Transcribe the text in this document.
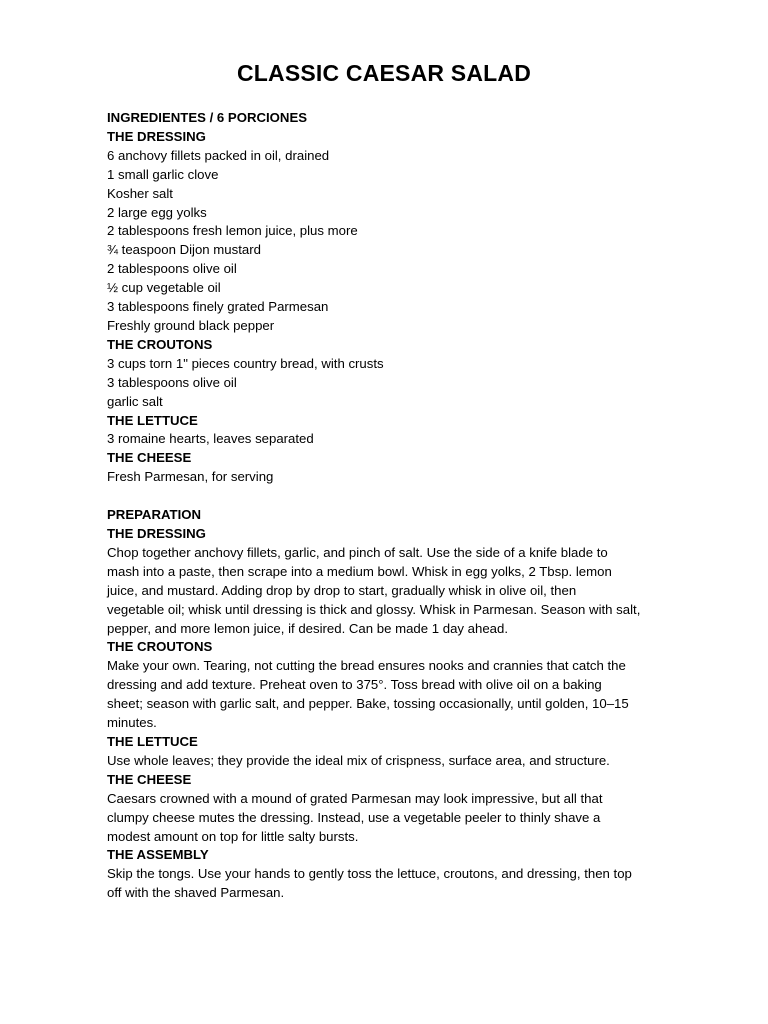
CLASSIC CAESAR SALAD
INGREDIENTES / 6 PORCIONES
THE DRESSING
6 anchovy fillets packed in oil, drained
1 small garlic clove
Kosher salt
2 large egg yolks
2 tablespoons fresh lemon juice, plus more
¾ teaspoon Dijon mustard
2 tablespoons olive oil
½ cup vegetable oil
3 tablespoons finely grated Parmesan
Freshly ground black pepper
THE CROUTONS
3 cups torn 1" pieces country bread, with crusts
3 tablespoons olive oil
garlic salt
THE LETTUCE
3 romaine hearts, leaves separated
THE CHEESE
Fresh Parmesan, for serving
PREPARATION
THE DRESSING
Chop together anchovy fillets, garlic, and pinch of salt. Use the side of a knife blade to
mash into a paste, then scrape into a medium bowl. Whisk in egg yolks, 2 Tbsp. lemon
juice, and mustard. Adding drop by drop to start, gradually whisk in olive oil, then
vegetable oil; whisk until dressing is thick and glossy. Whisk in Parmesan. Season with salt,
pepper, and more lemon juice, if desired. Can be made 1 day ahead.
THE CROUTONS
Make your own. Tearing, not cutting the bread ensures nooks and crannies that catch the
dressing and add texture. Preheat oven to 375°. Toss bread with olive oil on a baking
sheet; season with garlic salt, and pepper. Bake, tossing occasionally, until golden, 10–15
minutes.
THE LETTUCE
Use whole leaves; they provide the ideal mix of crispness, surface area, and structure.
THE CHEESE
Caesars crowned with a mound of grated Parmesan may look impressive, but all that
clumpy cheese mutes the dressing. Instead, use a vegetable peeler to thinly shave a
modest amount on top for little salty bursts.
THE ASSEMBLY
Skip the tongs. Use your hands to gently toss the lettuce, croutons, and dressing, then top
off with the shaved Parmesan.
